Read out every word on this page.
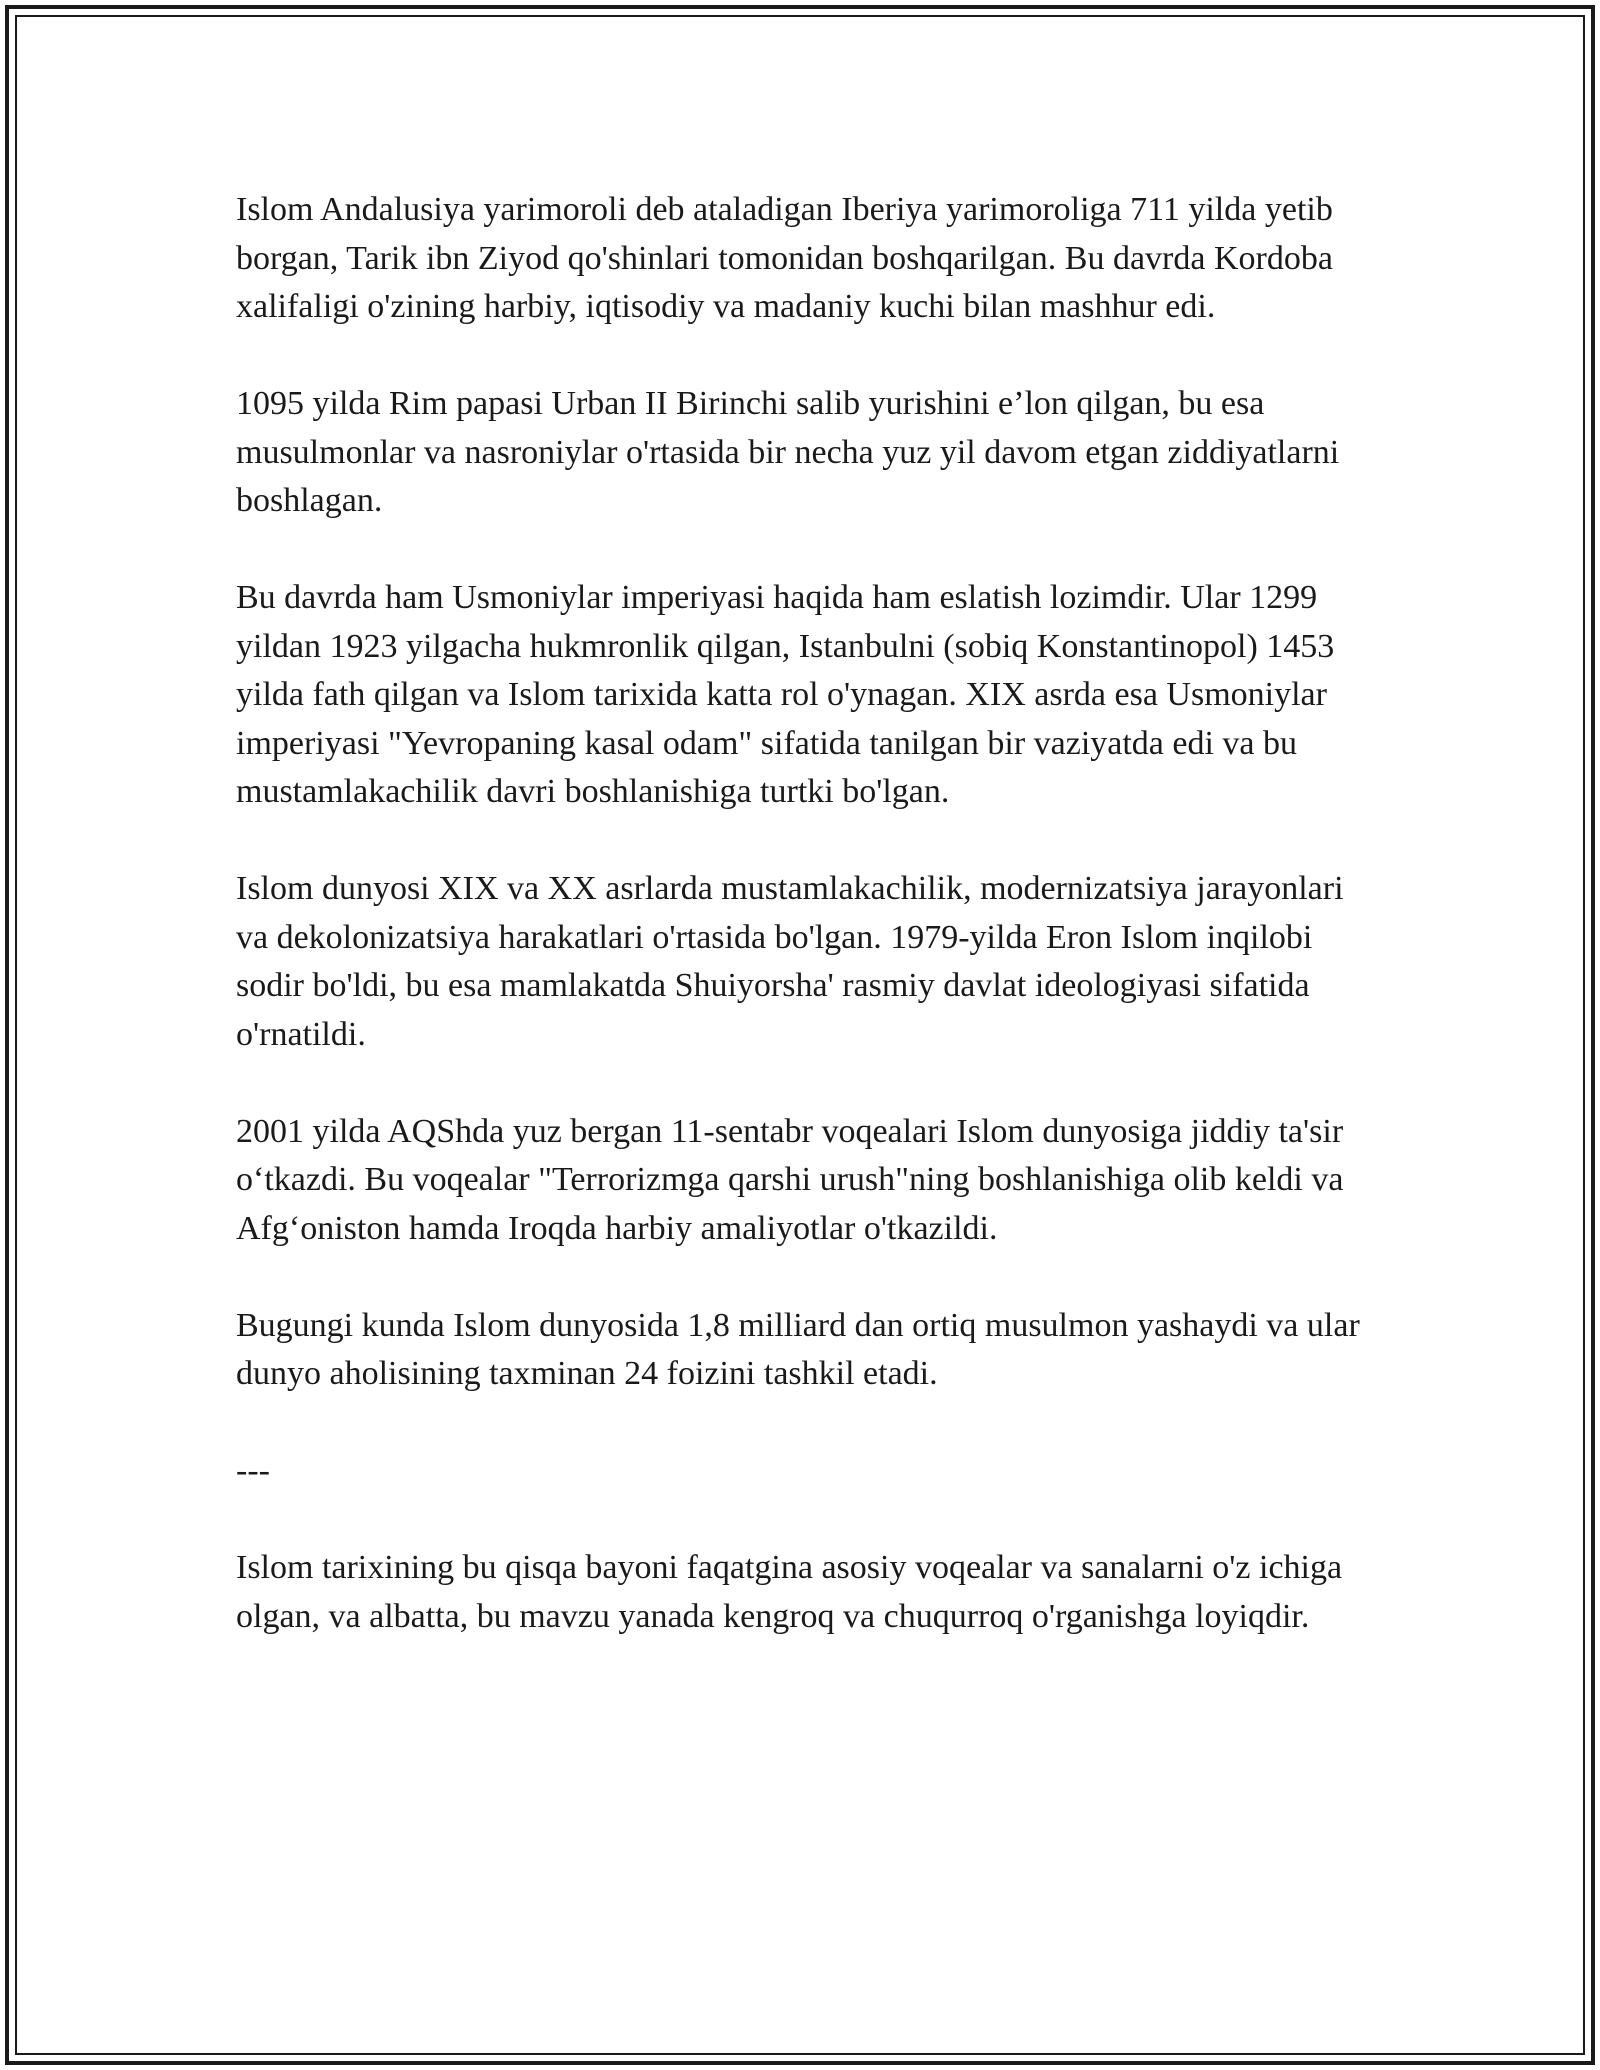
Islom Andalusiya yarimoroli deb ataladigan Iberiya yarimoroliga 711 yilda yetib borgan, Tarik ibn Ziyod qo'shinlari tomonidan boshqarilgan. Bu davrda Kordoba xalifaligi o'zining harbiy, iqtisodiy va madaniy kuchi bilan mashhur edi.

1095 yilda Rim papasi Urban II Birinchi salib yurishini e’lon qilgan, bu esa musulmonlar va nasroniylar o'rtasida bir necha yuz yil davom etgan ziddiyatlarni boshlagan.

Bu davrda ham Usmoniylar imperiyasi haqida ham eslatish lozimdir. Ular 1299 yildan 1923 yilgacha hukmronlik qilgan, Istanbulni (sobiq Konstantinopol) 1453 yilda fath qilgan va Islom tarixida katta rol o'ynagan. XIX asrda esa Usmoniylar imperiyasi "Yevropaning kasal odam" sifatida tanilgan bir vaziyatda edi va bu mustamlakachilik davri boshlanishiga turtki bo'lgan.

Islom dunyosi XIX va XX asrlarda mustamlakachilik, modernizatsiya jarayonlari va dekolonizatsiya harakatlari o'rtasida bo'lgan. 1979-yilda Eron Islom inqilobi sodir bo'ldi, bu esa mamlakatda Shuiyorsha' rasmiy davlat ideologiyasi sifatida o'rnatildi.

2001 yilda AQShda yuz bergan 11-sentabr voqealari Islom dunyosiga jiddiy ta'sir o‘tkazdi. Bu voqealar "Terrorizmga qarshi urush"ning boshlanishiga olib keldi va Afg‘oniston hamda Iroqda harbiy amaliyotlar o'tkazildi.

Bugungi kunda Islom dunyosida 1,8 milliard dan ortiq musulmon yashaydi va ular dunyo aholisining taxminan 24 foizini tashkil etadi.

---

Islom tarixining bu qisqa bayoni faqatgina asosiy voqealar va sanalarni o'z ichiga olgan, va albatta, bu mavzu yanada kengroq va chuqurroq o'rganishga loyiqdir.
